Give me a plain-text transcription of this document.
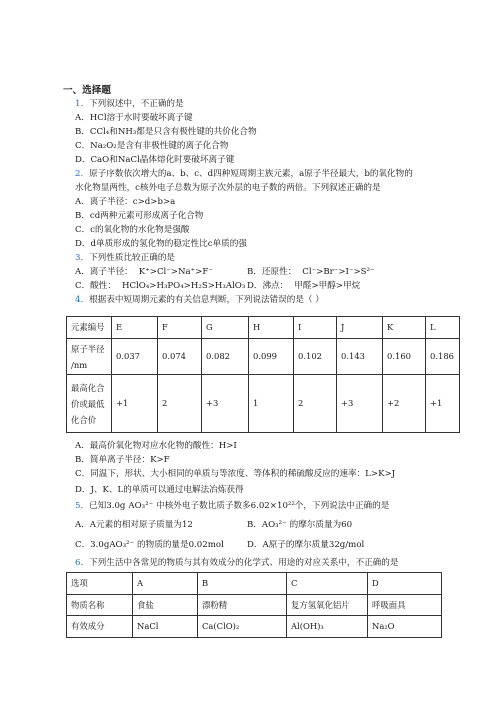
一、选择题
1．下列叙述中，不正确的是
A．HCl溶于水时要破坏离子键
B．CCl₄和NH₃都是只含有极性键的共价化合物
C．Na₂O₂是含有非极性键的离子化合物
D．CaO和NaCl晶体熔化时要破坏离子键
2．原子序数依次增大的a、b、c、d四种短周期主族元素，a原子半径最大，b的氧化物的
水化物显两性，c核外电子总数为原子次外层的电子数的两倍。下列叙述正确的是
A．离子半径：c>d>b>a
B．cd两种元素可形成离子化合物
C．c的氧化物的水化物是强酸
D．d单质形成的氢化物的稳定性比c单质的强
3．下列性质比较正确的是
A．离子半径： K⁺>Cl⁻>Na⁺>F⁻	B．还原性： Cl⁻>Br⁻>I⁻>S²⁻
C．酸性： HClO₄>H₃PO₄>H₂S>H₃AlO₃ D．沸点： 甲醛>甲醇>甲烷
4．根据表中短周期元素的有关信息判断，下列说法错误的是（ ）
元素编号	E	F	G	H	I	J	K	L

原子半径
/nm	0.037	0.074	0.082	0.099	0.102	0.143	0.160	0.186

最高化合
价或最低
化合价	+1	2	+3	1	2	+3	+2	+1
A．最高价氧化物对应水化物的酸性：H>I
B．简单离子半径：K>F
C．同温下，形状、大小相同的单质与等浓度、等体积的稀硫酸反应的速率：L>K>J
D．J、K、L的单质可以通过电解法冶炼获得
5．已知3.0g AO₃²⁻ 中核外电子数比质子数多6.02×10²²个，下列说法中正确的是
A．A元素的相对原子质量为12	B．AO₃²⁻ 的摩尔质量为60
C．3.0gAO₃²⁻ 的物质的量是0.02mol	D．A原子的摩尔质量32g/mol
6．下列生活中各常见的物质与其有效成分的化学式、用途的对应关系中，不正确的是
选项	A	B	C	D
物质名称	食盐	漂粉精	复方氢氧化铝片	呼吸面具
有效成分	NaCl	Ca(ClO)₂	Al(OH)₃	Na₂O
